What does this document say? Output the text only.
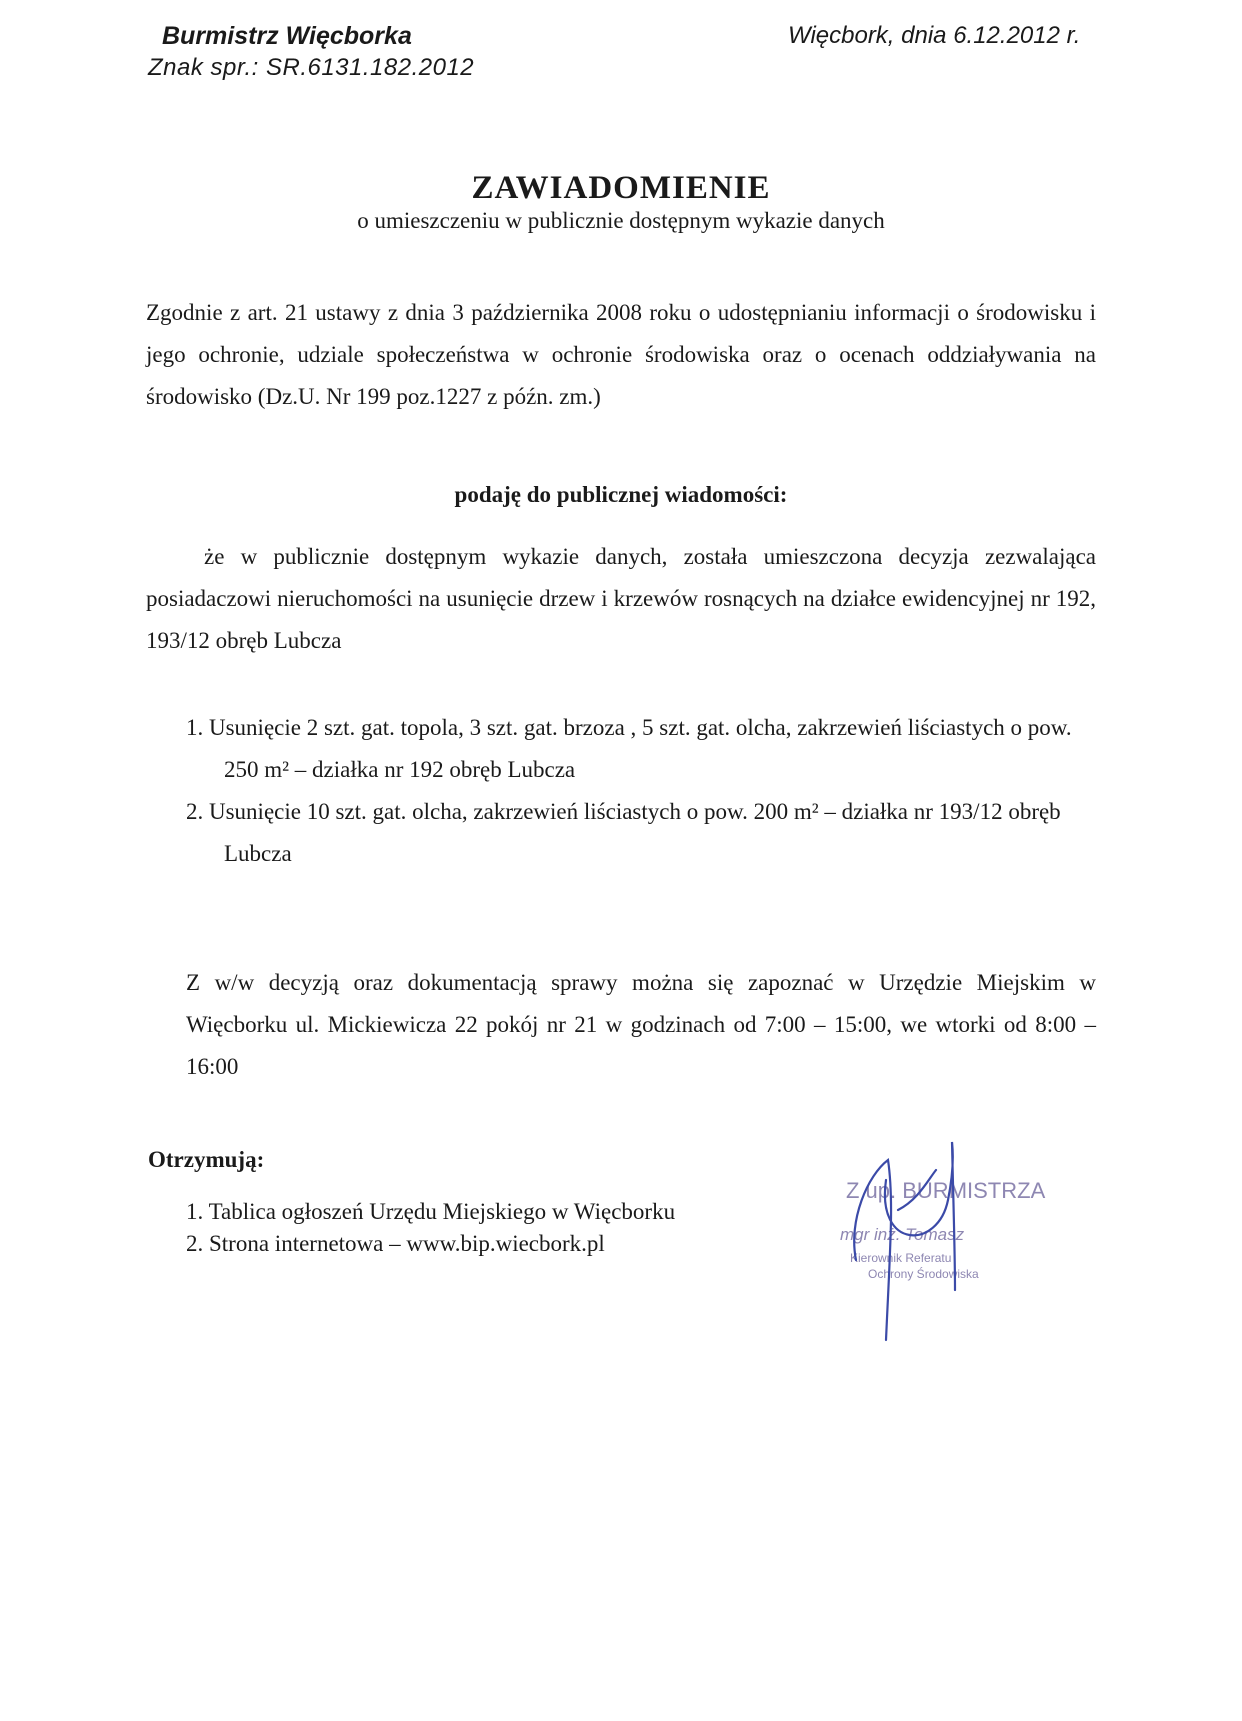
Burmistrz Więcborka

Znak spr.: SR.6131.182.2012

Więcbork, dnia 6.12.2012 r.

ZAWIADOMIENIE

o umieszczeniu w publicznie dostępnym wykazie danych

Zgodnie z art. 21 ustawy z dnia 3 października 2008 roku o udostępnianiu informacji o środowisku i jego ochronie, udziale społeczeństwa w ochronie środowiska oraz o ocenach oddziaływania na środowisko (Dz.U. Nr 199 poz.1227 z późn. zm.)

podaję do publicznej wiadomości:

że w publicznie dostępnym wykazie danych, została umieszczona decyzja zezwalająca posiadaczowi nieruchomości na usunięcie drzew i krzewów rosnących na działce ewidencyjnej nr 192, 193/12 obręb Lubcza

1. Usunięcie 2 szt. gat. topola, 3 szt. gat. brzoza , 5 szt. gat. olcha, zakrzewień liściastych o pow. 250 m² – działka nr 192 obręb Lubcza
2. Usunięcie 10 szt. gat. olcha, zakrzewień liściastych o pow. 200 m² – działka nr 193/12 obręb Lubcza

Z w/w decyzją oraz dokumentacją sprawy można się zapoznać w Urzędzie Miejskim w Więcborku ul. Mickiewicza 22 pokój nr 21 w godzinach od 7:00 – 15:00, we wtorki od 8:00 – 16:00

Otrzymują:

1. Tablica ogłoszeń Urzędu Miejskiego w Więcborku
2. Strona internetowa – www.bip.wiecbork.pl
Z up. BURMISTRZA
mgr inż. Tomasz
Kierownik Referatu
Ochrony Środowiska
